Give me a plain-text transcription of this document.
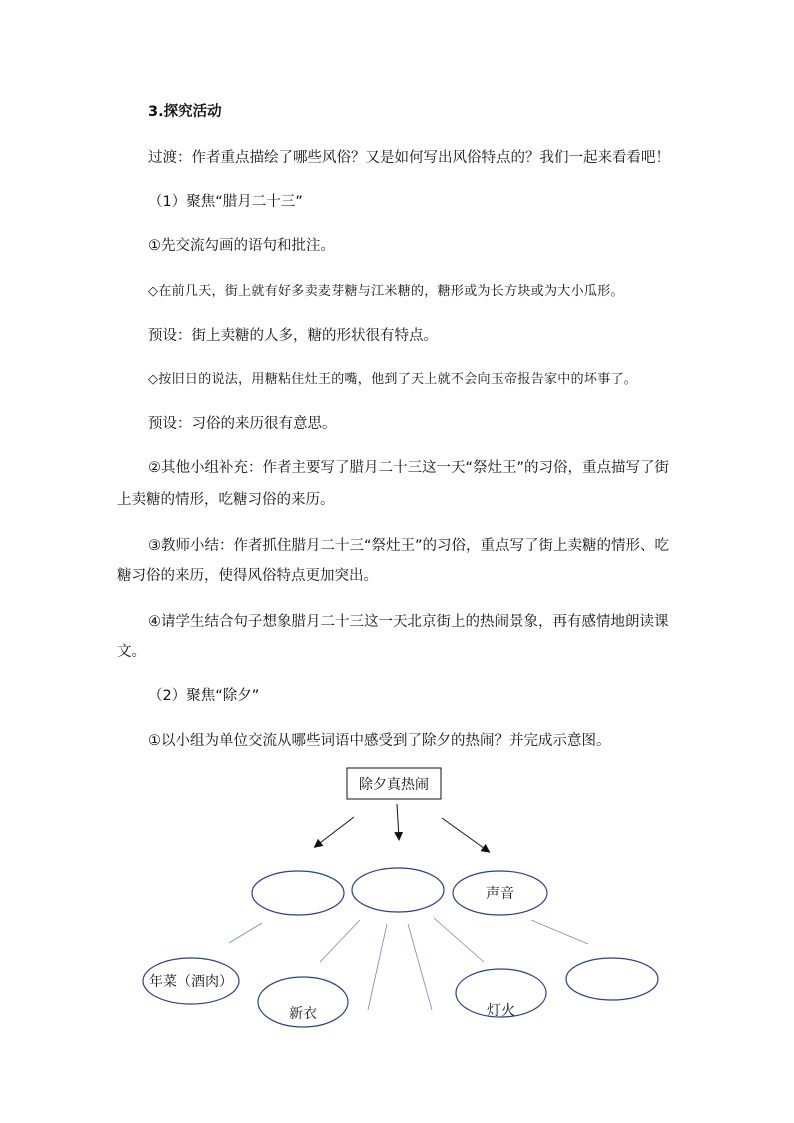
3.探究活动
过渡：作者重点描绘了哪些风俗？又是如何写出风俗特点的？我们一起来看看吧！
（1）聚焦“腊月二十三”
①先交流勾画的语句和批注。
◇在前几天，街上就有好多卖麦芽糖与江米糖的，糖形或为长方块或为大小瓜形。
预设：街上卖糖的人多，糖的形状很有特点。
◇按旧日的说法，用糖粘住灶王的嘴，他到了天上就不会向玉帝报告家中的坏事了。
预设：习俗的来历很有意思。
②其他小组补充：作者主要写了腊月二十三这一天“祭灶王”的习俗，重点描写了街
上卖糖的情形，吃糖习俗的来历。
③教师小结：作者抓住腊月二十三“祭灶王”的习俗，重点写了街上卖糖的情形、吃
糖习俗的来历，使得风俗特点更加突出。
④请学生结合句子想象腊月二十三这一天北京街上的热闹景象，再有感情地朗读课
文。
（2）聚焦“除夕”
①以小组为单位交流从哪些词语中感受到了除夕的热闹？并完成示意图。
除夕真热闹
声音
年菜（酒肉）
新衣	灯火
